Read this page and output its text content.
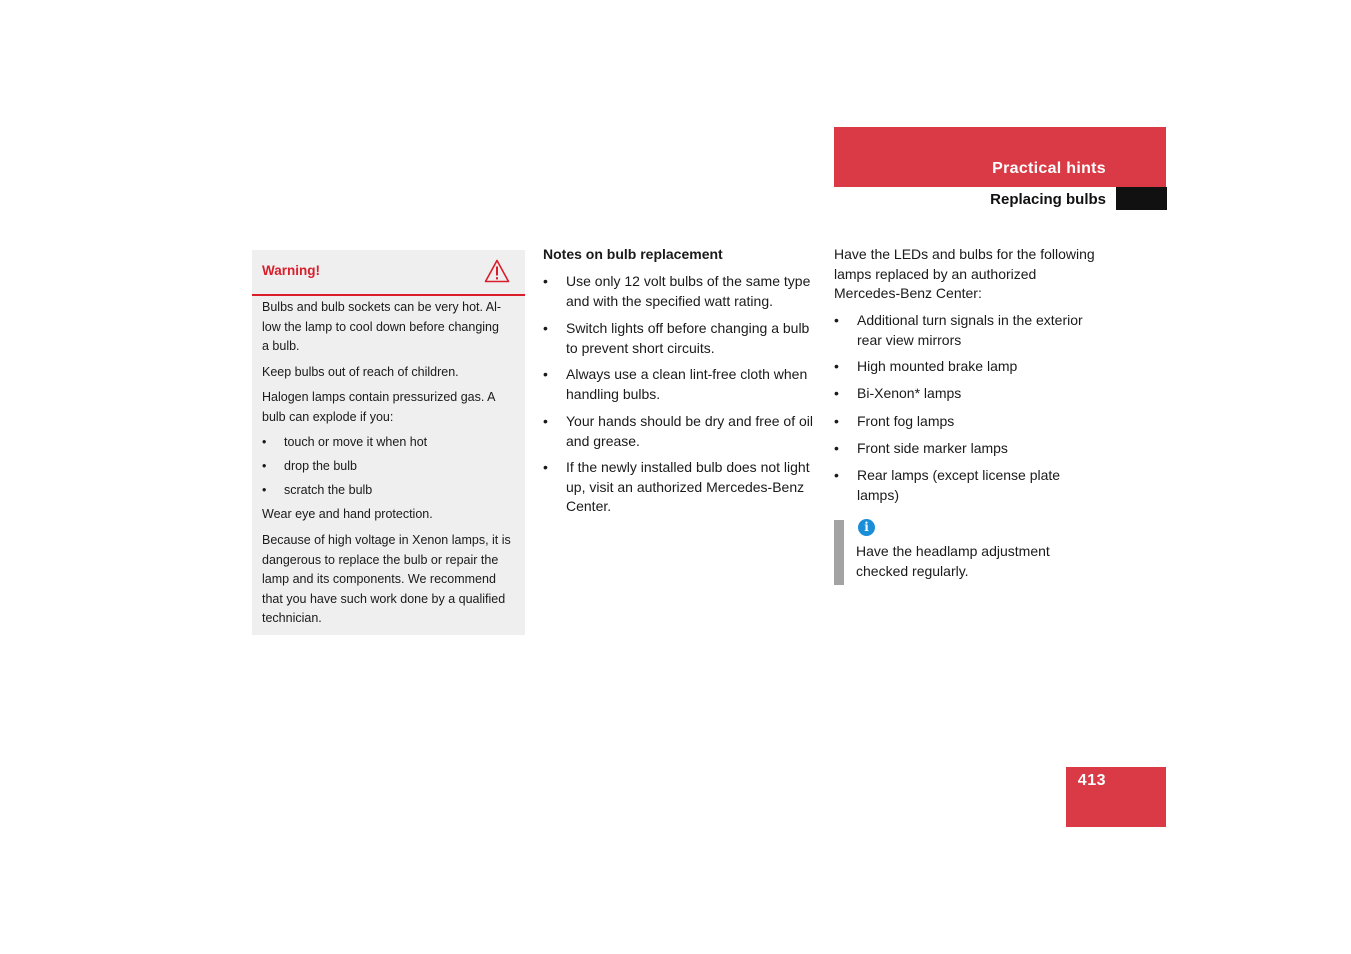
Practical hints
Replacing bulbs
Warning!
Bulbs and bulb sockets can be very hot. Al-
low the lamp to cool down before changing
a bulb.
Keep bulbs out of reach of children.
Halogen lamps contain pressurized gas. A
bulb can explode if you:
• touch or move it when hot
• drop the bulb
• scratch the bulb
Wear eye and hand protection.
Because of high voltage in Xenon lamps, it is
dangerous to replace the bulb or repair the
lamp and its components. We recommend
that you have such work done by a qualified
technician.
Notes on bulb replacement
• Use only 12 volt bulbs of the same type
and with the specified watt rating.
• Switch lights off before changing a bulb
to prevent short circuits.
• Always use a clean lint-free cloth when
handling bulbs.
• Your hands should be dry and free of oil
and grease.
• If the newly installed bulb does not light
up, visit an authorized Mercedes-Benz
Center.
Have the LEDs and bulbs for the following
lamps replaced by an authorized
Mercedes-Benz Center:
• Additional turn signals in the exterior
rear view mirrors
• High mounted brake lamp
• Bi-Xenon* lamps
• Front fog lamps
• Front side marker lamps
• Rear lamps (except license plate
lamps)
i
Have the headlamp adjustment
checked regularly.
413
